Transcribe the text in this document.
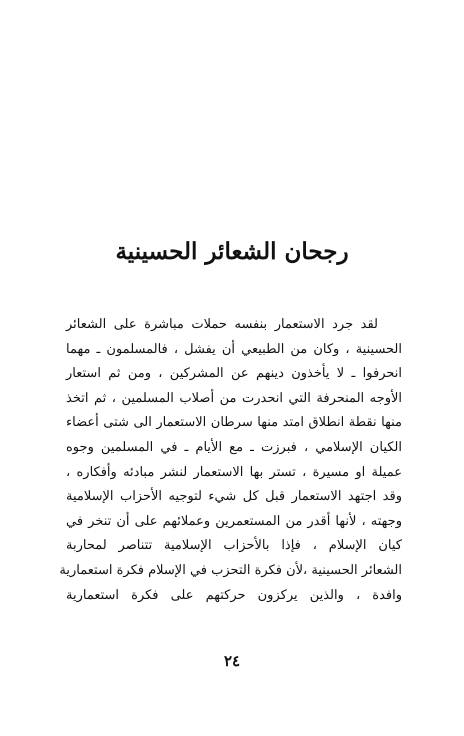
رجحان الشعائر الحسينية
لقد جرد الاستعمار بنفسه حملات مباشرة على الشعائر
الحسينية ، وكان من الطبيعي أن يفشل ، فالمسلمون ـ مهما
انحرفوا ـ لا يأخذون دينهم عن المشركين ، ومن ثم استعار
الأوجه المنحرفة التي انحدرت من أصلاب المسلمين ، ثم اتخذ
منها نقطة انطلاق امتد منها سرطان الاستعمار الى شتى أعضاء
الكيان الإسلامي ، فبرزت ـ مع الأيام ـ في المسلمين وجوه
عميلة او مسيرة ، تستر بها الاستعمار لنشر مبادئه وأفكاره ،
وقد اجتهد الاستعمار قبل كل شيء لتوجيه الأحزاب الإسلامية
وجهته ، لأنها أقدر من المستعمرين وعملائهم على أن تنخر في
كيان الإسلام ، فإذا بالأحزاب الإسلامية تتناصر لمحاربة
الشعائر الحسينية ،لأن فكرة التحزب في الإسلام فكرة استعمارية
وافدة ، والذين يركزون حركتهم على فكرة استعمارية
٢٤
